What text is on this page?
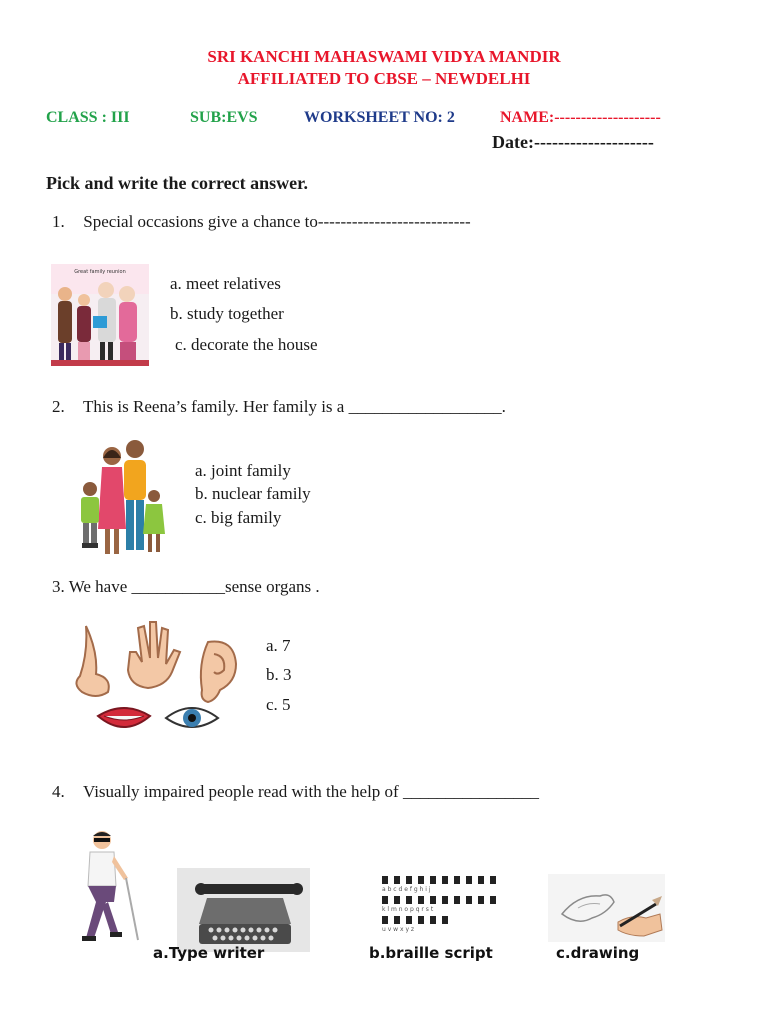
SRI KANCHI MAHASWAMI VIDYA MANDIR
AFFILIATED TO CBSE – NEWDELHI
CLASS : III	SUB:EVS	WORKSHEET NO: 2	NAME:--------------------
Date:--------------------
Pick and write the correct answer.
1. Special occasions give a chance to---------------------------
Great family reunion
a. meet relatives
b. study together
c. decorate the house
2. This is Reena’s family. Her family is a __________________.
a. joint family
b. nuclear family
c. big family
3. We have ___________sense organs .
a. 7
b. 3
c. 5
4. Visually impaired people read with the help of ________________
a b c d e f g h i j
k l m n o p q r s t
u v w x y z
a.Type writer	b.braille script	c.drawing
